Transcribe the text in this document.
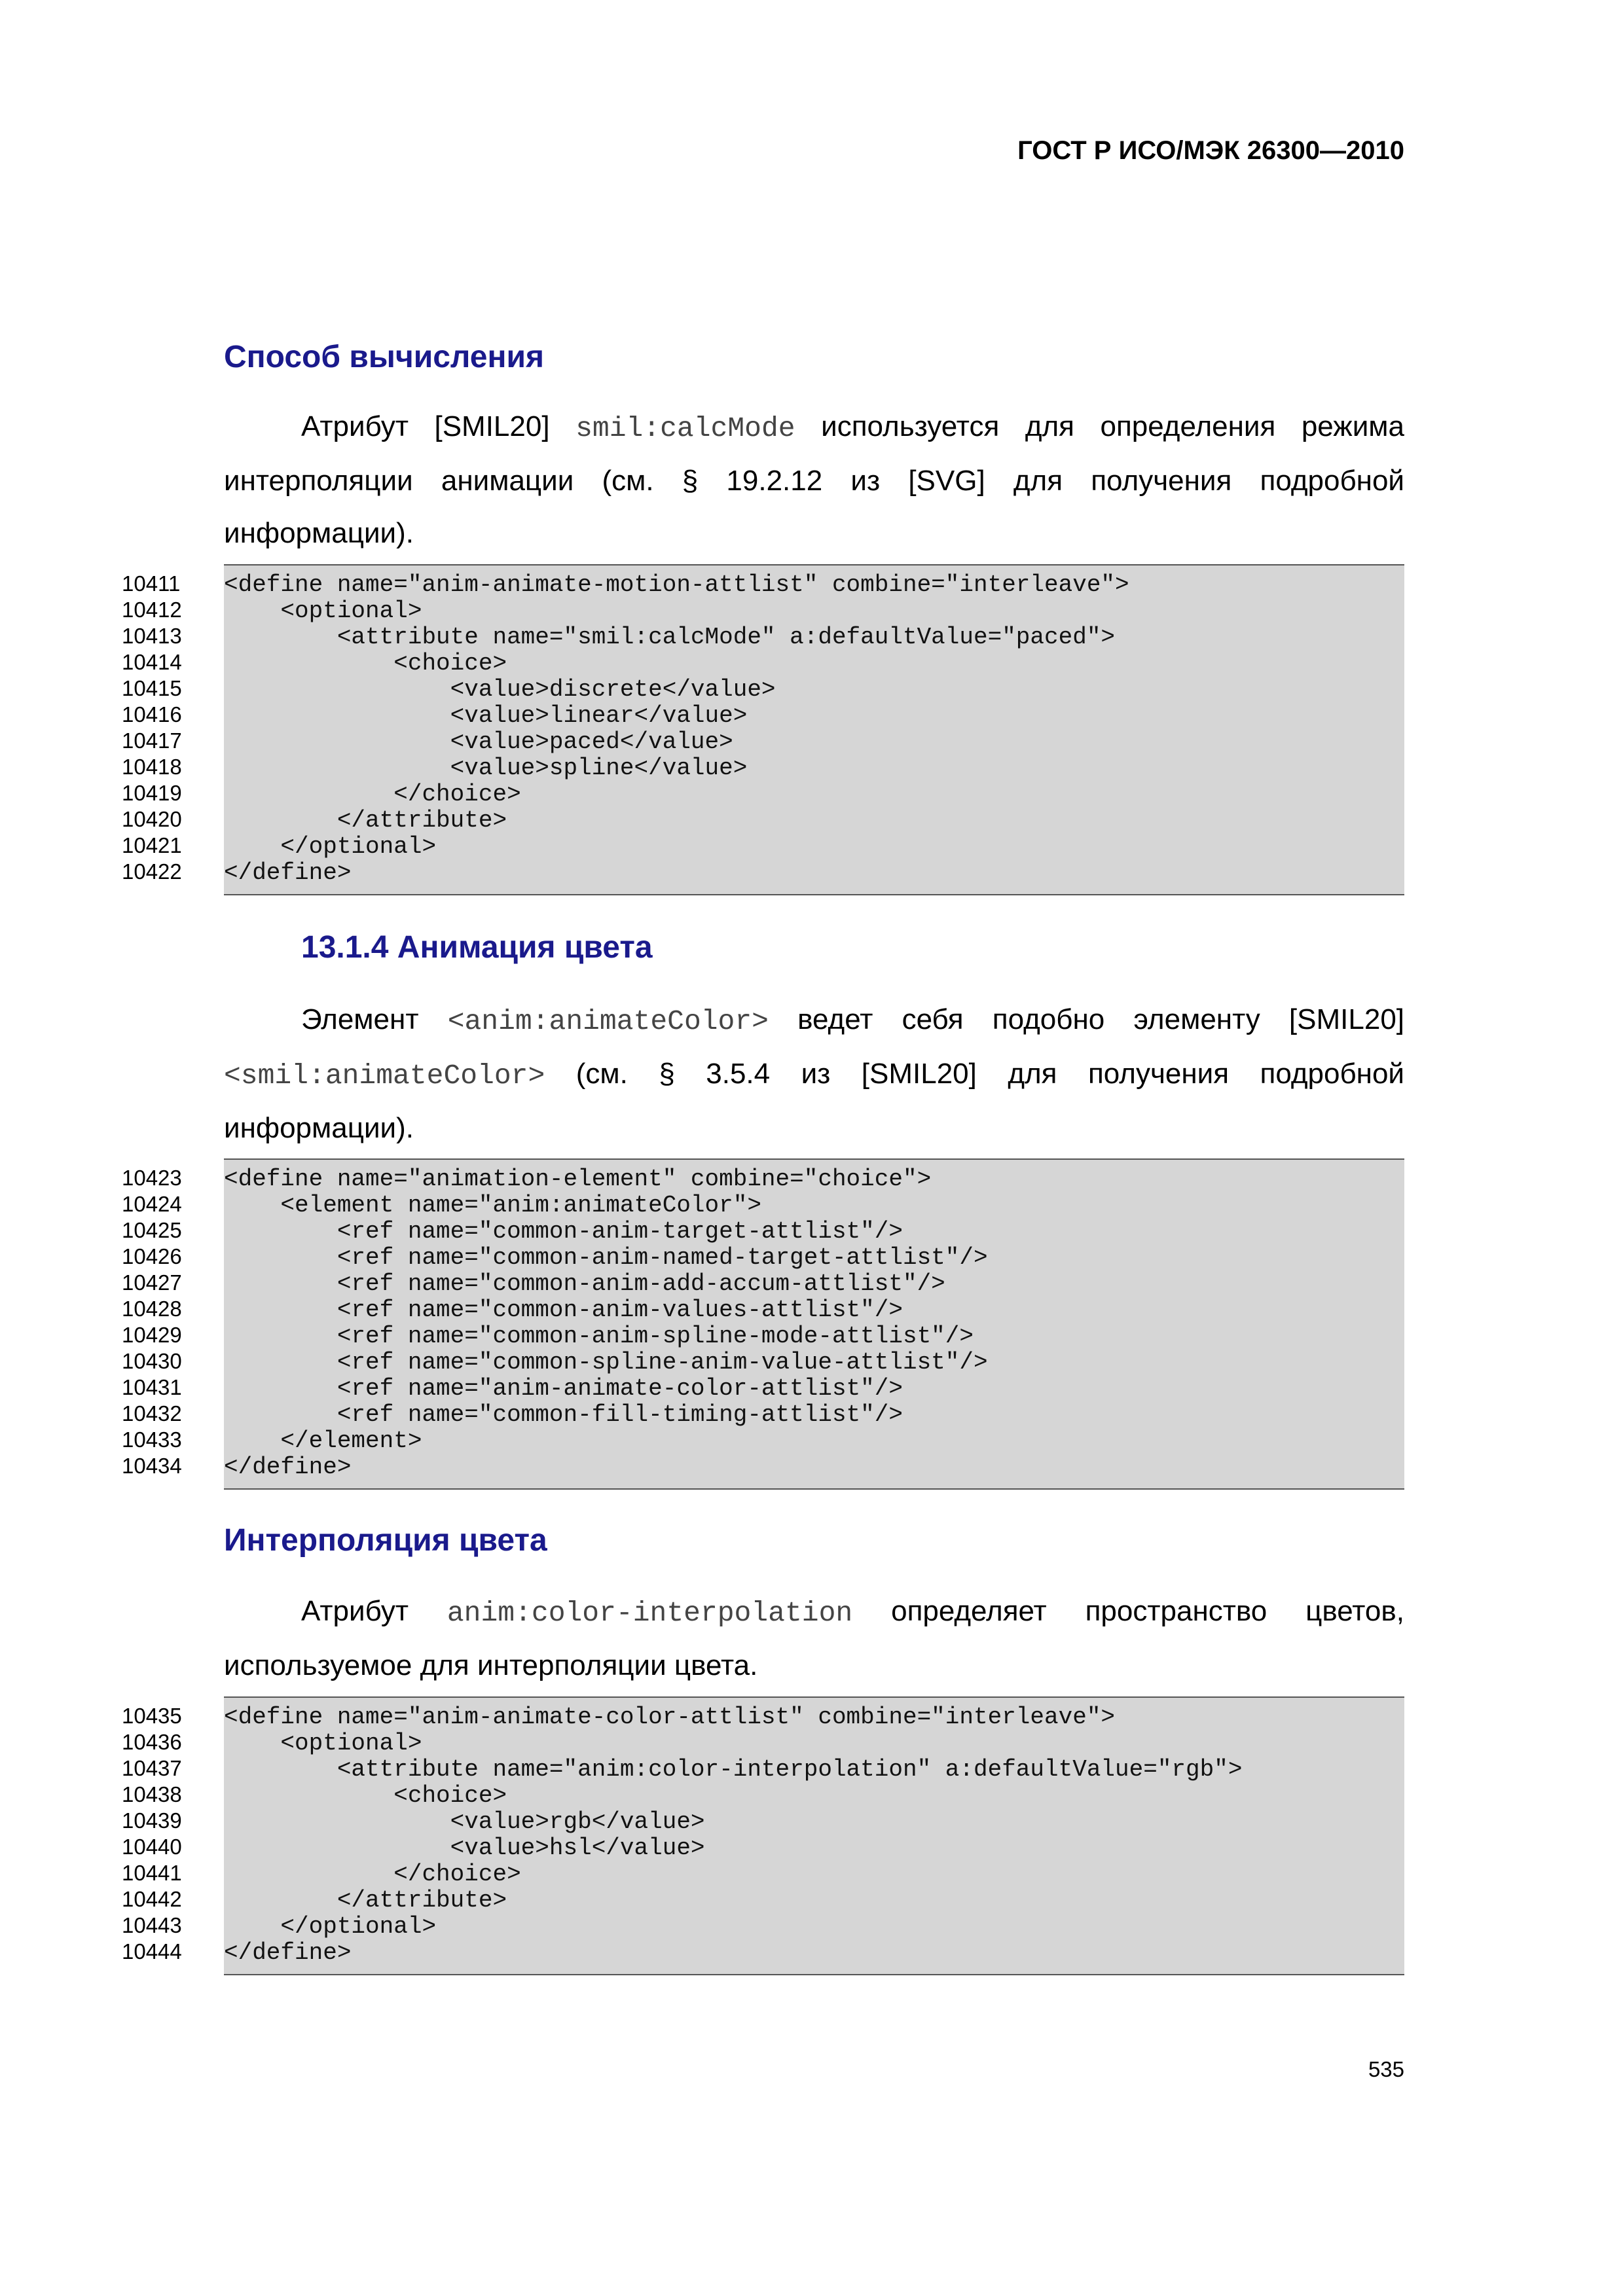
ГОСТ Р ИСО/МЭК 26300—2010
Способ вычисления
Атрибут [SMIL20] smil:calcMode используется для определения режима интерполяции анимации (см. § 19.2.12 из [SVG] для получения подробной информации).
10411
10412
10413
10414
10415
10416
10417
10418
10419
10420
10421
10422
<define name="anim-animate-motion-attlist" combine="interleave">
<optional>
<attribute name="smil:calcMode" a:defaultValue="paced">
<choice>
<value>discrete</value>
<value>linear</value>
<value>paced</value>
<value>spline</value>
</choice>
</attribute>
</optional>
</define>
13.1.4 Анимация цвета
Элемент <anim:animateColor> ведет себя подобно элементу [SMIL20] <smil:animateColor> (см. § 3.5.4 из [SMIL20] для получения подробной информации).
10423
10424
10425
10426
10427
10428
10429
10430
10431
10432
10433
10434
<define name="animation-element" combine="choice">
<element name="anim:animateColor">
<ref name="common-anim-target-attlist"/>
<ref name="common-anim-named-target-attlist"/>
<ref name="common-anim-add-accum-attlist"/>
<ref name="common-anim-values-attlist"/>
<ref name="common-anim-spline-mode-attlist"/>
<ref name="common-spline-anim-value-attlist"/>
<ref name="anim-animate-color-attlist"/>
<ref name="common-fill-timing-attlist"/>
</element>
</define>
Интерполяция цвета
Атрибут anim:color-interpolation определяет пространство цветов, используемое для интерполяции цвета.
10435
10436
10437
10438
10439
10440
10441
10442
10443
10444
<define name="anim-animate-color-attlist" combine="interleave">
<optional>
<attribute name="anim:color-interpolation" a:defaultValue="rgb">
<choice>
<value>rgb</value>
<value>hsl</value>
</choice>
</attribute>
</optional>
</define>
535
